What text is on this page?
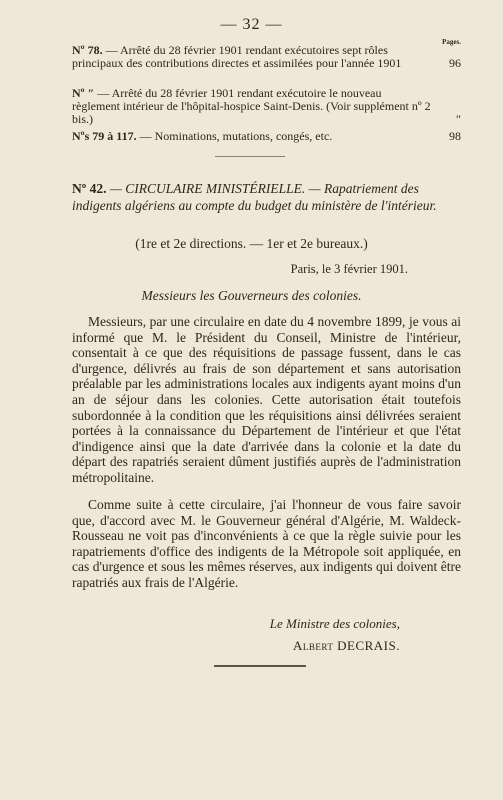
— 32 —
Pages.
Nº 78. — Arrêté du 28 février 1901 rendant exécutoires sept rôles principaux des contributions directes et assimilées pour l'année 1901	96
Nº ″ — Arrêté du 28 février 1901 rendant exécutoire le nouveau règlement intérieur de l'hôpital-hospice Saint-Denis. (Voir supplément nº 2 bis.)	″
Nºs 79 à 117. — Nominations, mutations, congés, etc.	98
Nº 42. — CIRCULAIRE MINISTÉRIELLE. — Rapatriement des indigents algériens au compte du budget du ministère de l'intérieur.
(1re et 2e directions. — 1er et 2e bureaux.)
Paris, le 3 février 1901.
Messieurs les Gouverneurs des colonies.
Messieurs, par une circulaire en date du 4 novembre 1899, je vous ai informé que M. le Président du Conseil, Ministre de l'intérieur, consentait à ce que des réquisitions de passage fussent, dans le cas d'urgence, délivrés au frais de son département et sans autorisation préalable par les administrations locales aux indigents ayant moins d'un an de séjour dans les colonies. Cette autorisation était toutefois subordonnée à la condition que les réquisitions ainsi délivrées seraient portées à la connaissance du Département de l'intérieur et que l'état d'indigence ainsi que la date d'arrivée dans la colonie et la date du départ des rapatriés seraient dûment justifiés auprès de l'administration métropolitaine.
Comme suite à cette circulaire, j'ai l'honneur de vous faire savoir que, d'accord avec M. le Gouverneur général d'Algérie, M. Waldeck-Rousseau ne voit pas d'inconvénients à ce que la règle suivie pour les rapatriements d'office des indigents de la Métropole soit appliquée, en cas d'urgence et sous les mêmes réserves, aux indigents qui doivent être rapatriés aux frais de l'Algérie.
Le Ministre des colonies,
Albert DECRAIS.
